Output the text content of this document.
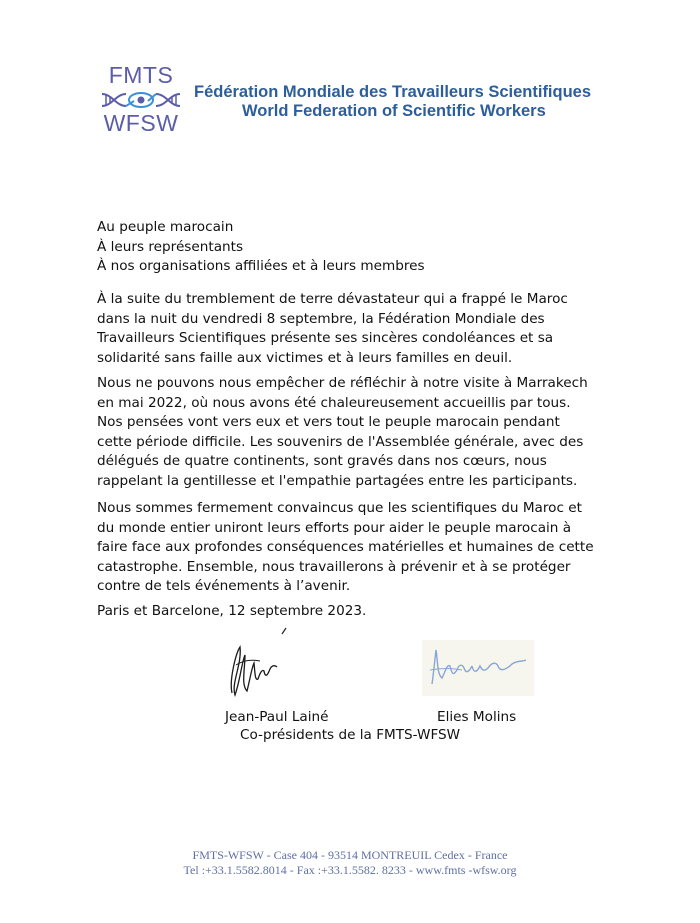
FMTS
WFSW
Fédération Mondiale des Travailleurs Scientifiques
World Federation of Scientific Workers
Au peuple marocain
À leurs représentants
À nos organisations affiliées et à leurs membres
À la suite du tremblement de terre dévastateur qui a frappé le Maroc
dans la nuit du vendredi 8 septembre, la Fédération Mondiale des
Travailleurs Scientifiques présente ses sincères condoléances et sa
solidarité sans faille aux victimes et à leurs familles en deuil.
Nous ne pouvons nous empêcher de réfléchir à notre visite à Marrakech
en mai 2022, où nous avons été chaleureusement accueillis par tous.
Nos pensées vont vers eux et vers tout le peuple marocain pendant
cette période difficile. Les souvenirs de l'Assemblée générale, avec des
délégués de quatre continents, sont gravés dans nos cœurs, nous
rappelant la gentillesse et l'empathie partagées entre les participants.
Nous sommes fermement convaincus que les scientifiques du Maroc et
du monde entier uniront leurs efforts pour aider le peuple marocain à
faire face aux profondes conséquences matérielles et humaines de cette
catastrophe. Ensemble, nous travaillerons à prévenir et à se protéger
contre de tels événements à l’avenir.
Paris et Barcelone, 12 septembre 2023.
Jean-Paul Lainé	Elies Molins
Co-présidents de la FMTS-WFSW
FMTS-WFSW - Case 404 - 93514 MONTREUIL Cedex - France
Tel :+33.1.5582.8014 - Fax :+33.1.5582. 8233 - www.fmts -wfsw.org
